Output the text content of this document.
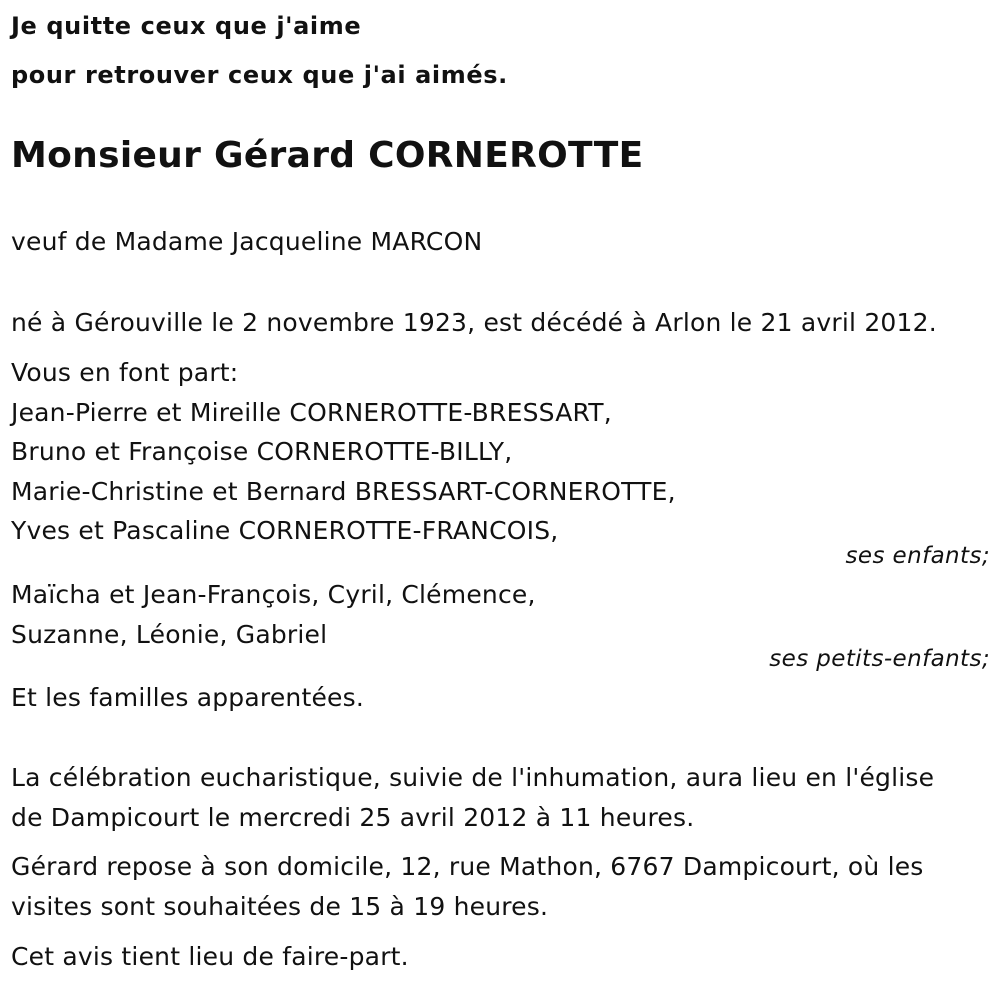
Je quitte ceux que j'aime
pour retrouver ceux que j'ai aimés.
Monsieur Gérard CORNEROTTE
veuf de Madame Jacqueline MARCON
né à Gérouville le 2 novembre 1923, est décédé à Arlon le 21 avril 2012.
Vous en font part:
Jean-Pierre et Mireille CORNEROTTE-BRESSART,
Bruno et Françoise CORNEROTTE-BILLY,
Marie-Christine et Bernard BRESSART-CORNEROTTE,
Yves et Pascaline CORNEROTTE-FRANCOIS,
ses enfants;
Maïcha et Jean-François, Cyril, Clémence,
Suzanne, Léonie, Gabriel
ses petits-enfants;
Et les familles apparentées.
La célébration eucharistique, suivie de l'inhumation, aura lieu en l'église
de Dampicourt le mercredi 25 avril 2012 à 11 heures.
Gérard repose à son domicile, 12, rue Mathon, 6767 Dampicourt, où les
visites sont souhaitées de 15 à 19 heures.
Cet avis tient lieu de faire-part.
